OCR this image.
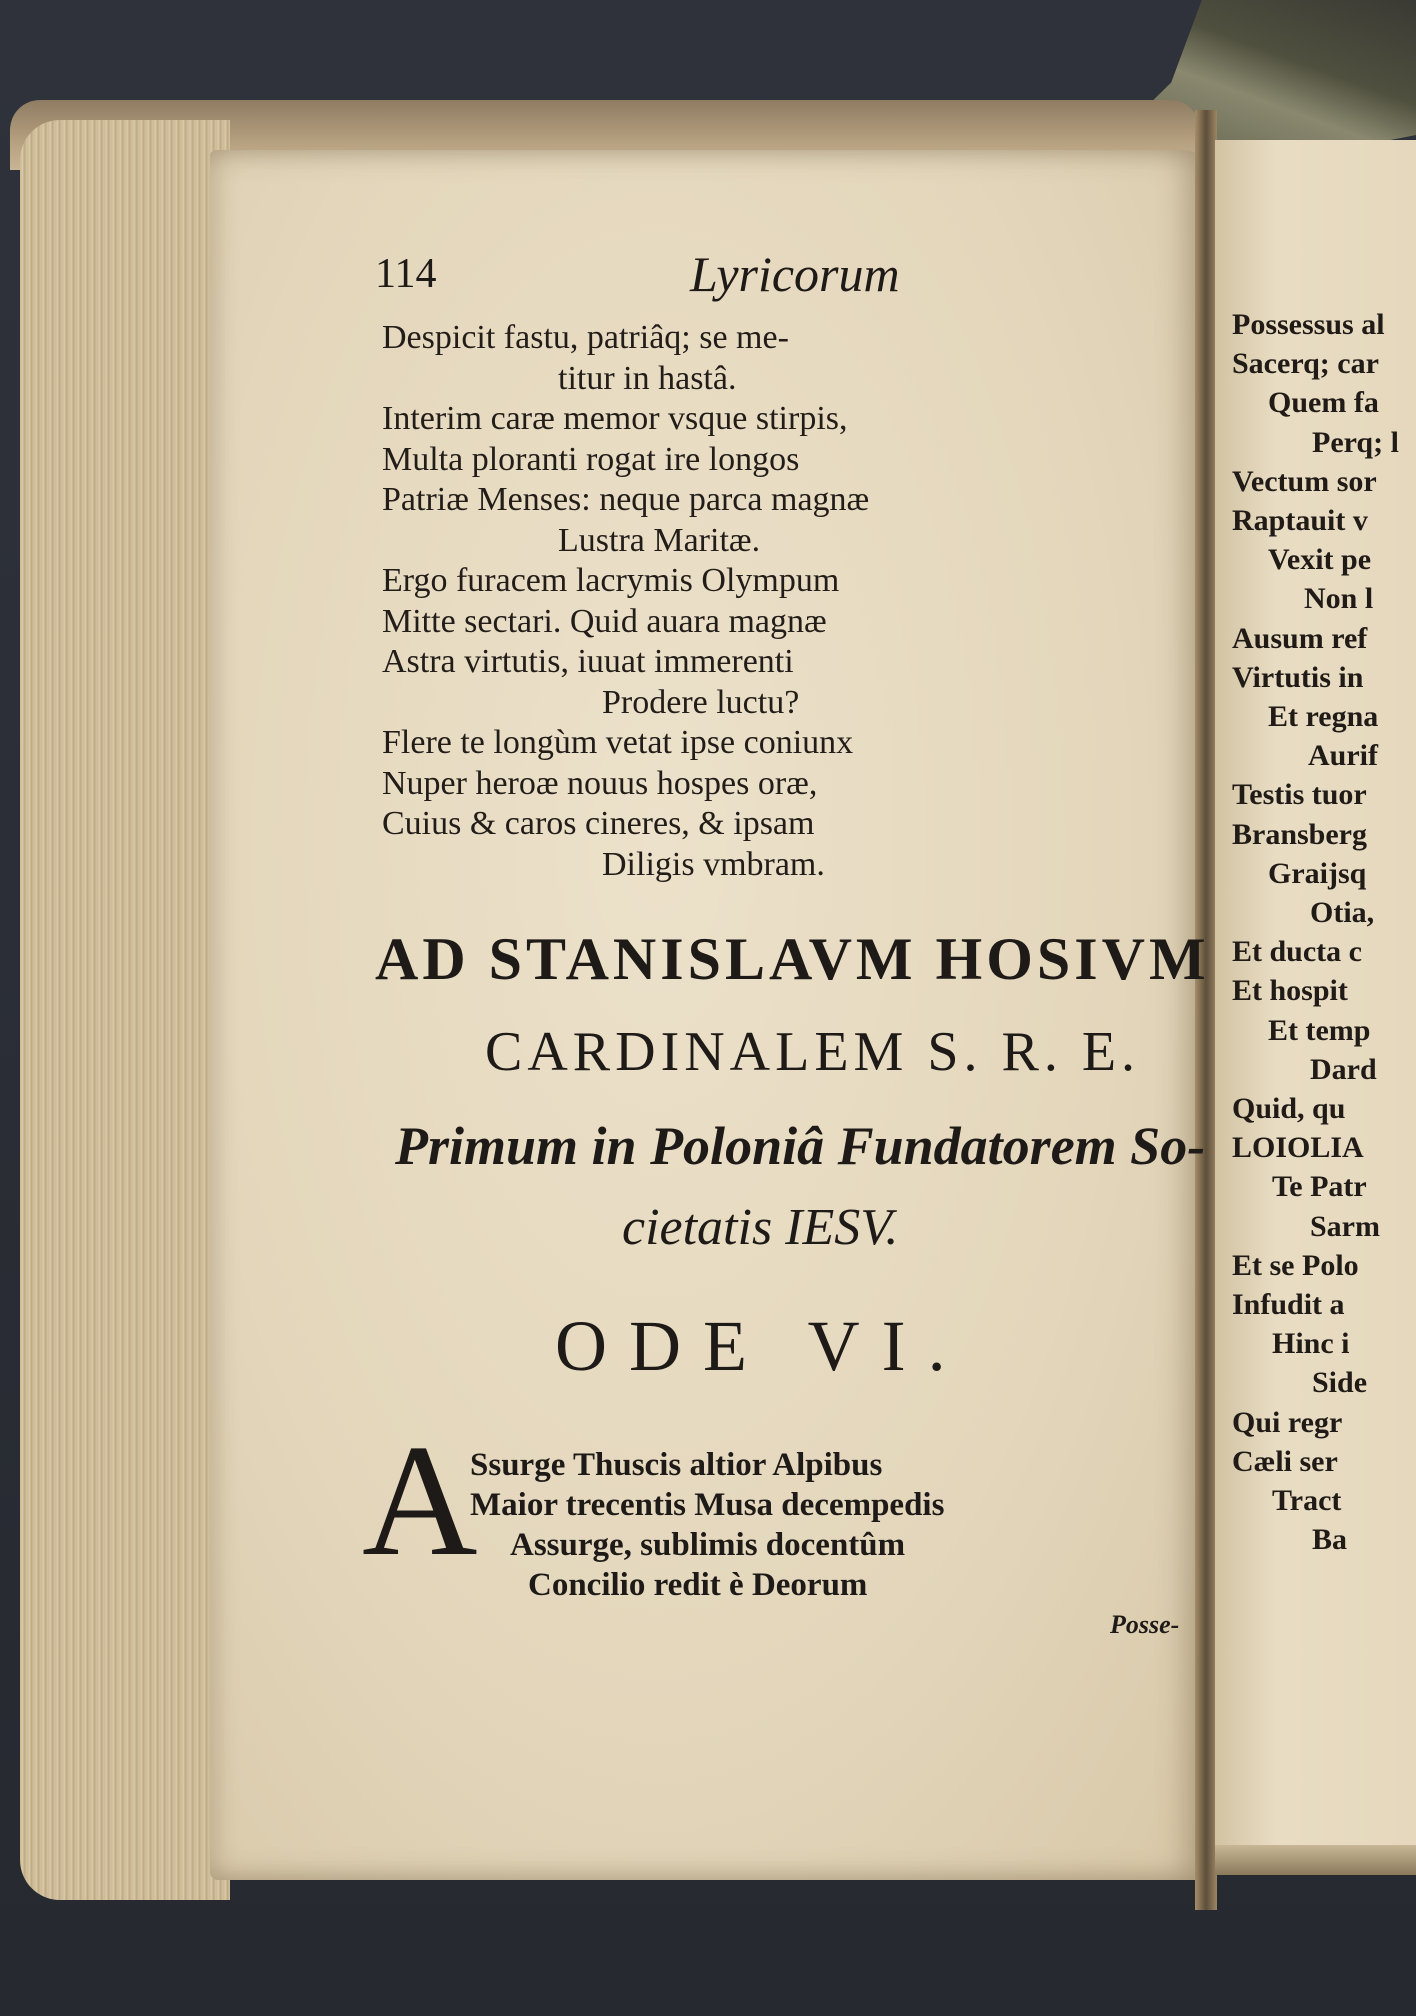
114	Lyricorum
Despicit fastu, patriâq; se me-
titur in hastâ.
Interim caræ memor vsque stirpis,
Multa ploranti rogat ire longos
Patriæ Menses: neque parca magnæ
Lustra Maritæ.
Ergo furacem lacrymis Olympum
Mitte sectari. Quid auara magnæ
Astra virtutis, iuuat immerenti
Prodere luctu?
Flere te longùm vetat ipse coniunx
Nuper heroæ nouus hospes oræ,
Cuius & caros cineres, & ipsam
Diligis vmbram.
AD STANISLAVM HOSIVM
CARDINALEM S. R. E.
Primum in Poloniâ Fundatorem So-
cietatis IESV.
ODE VI.
A
Ssurge Thuscis altior Alpibus
Maior trecentis Musa decempedis
Assurge, sublimis docentûm
Concilio redit è Deorum
Posse-
Possessus al
Sacerq; car
Quem fa
Perq; l
Vectum sor
Raptauit v
Vexit pe
Non l
Ausum ref
Virtutis in
Et regna
Aurif
Testis tuor
Bransberg
Graijsq
Otia,
Et ducta c
Et hospit
Et temp
Dard
Quid, qu
LOIOLIA
Te Patr
Sarm
Et se Polo
Infudit a
Hinc i
Side
Qui regr
Cæli ser
Tract
Ba
